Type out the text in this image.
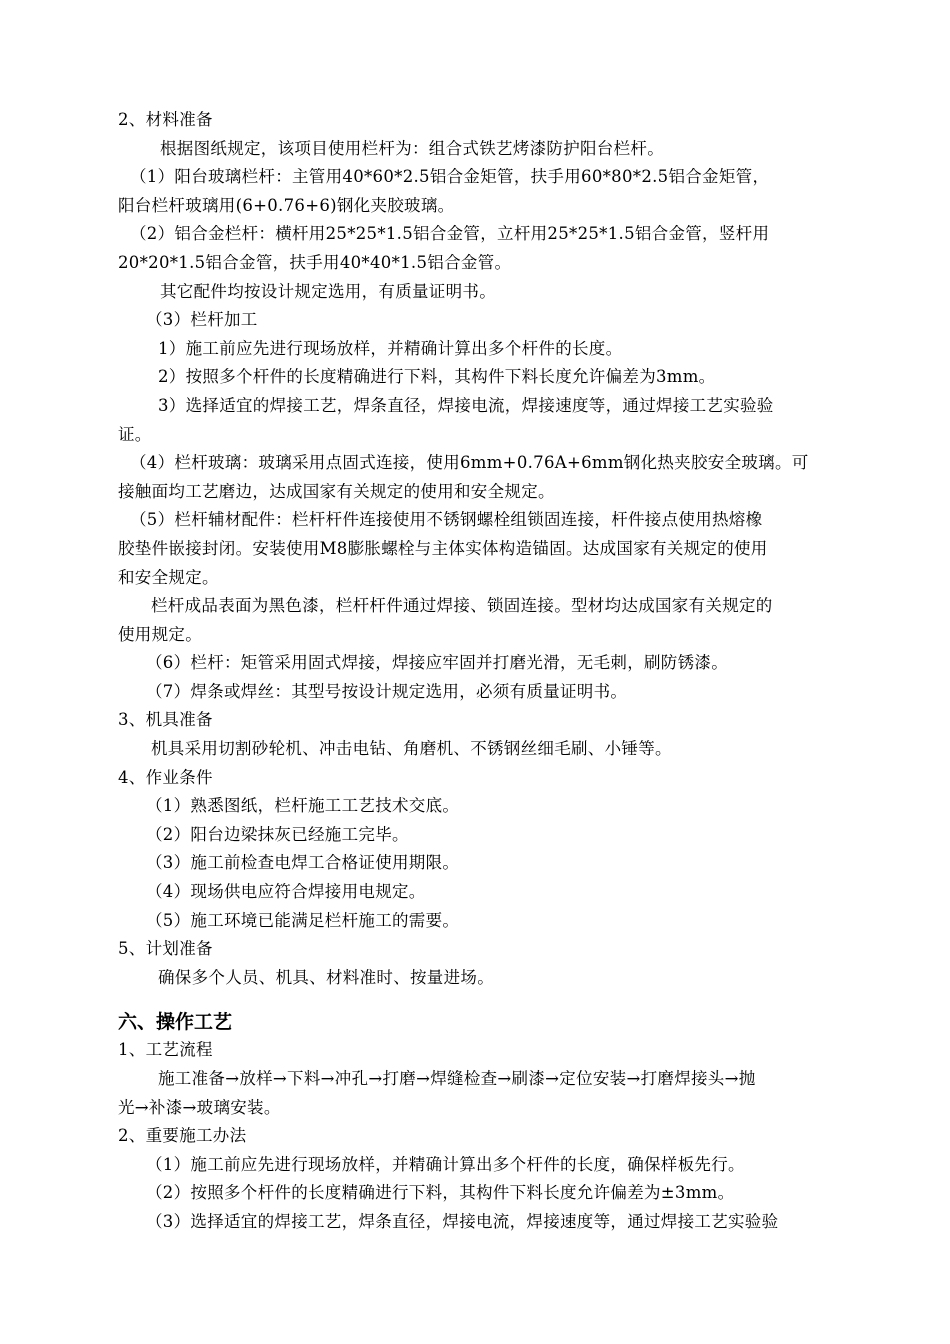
2、材料准备
根据图纸规定，该项目使用栏杆为：组合式铁艺烤漆防护阳台栏杆。
（1）阳台玻璃栏杆：主管用40*60*2.5铝合金矩管，扶手用60*80*2.5铝合金矩管，
阳台栏杆玻璃用(6+0.76+6)钢化夹胶玻璃。
（2）铝合金栏杆：横杆用25*25*1.5铝合金管，立杆用25*25*1.5铝合金管，竖杆用
20*20*1.5铝合金管，扶手用40*40*1.5铝合金管。
其它配件均按设计规定选用，有质量证明书。
（3）栏杆加工
1）施工前应先进行现场放样，并精确计算出多个杆件的长度。
2）按照多个杆件的长度精确进行下料，其构件下料长度允许偏差为3mm。
3）选择适宜的焊接工艺，焊条直径，焊接电流，焊接速度等，通过焊接工艺实验验
证。
（4）栏杆玻璃：玻璃采用点固式连接，使用6mm+0.76A+6mm钢化热夹胶安全玻璃。可
接触面均工艺磨边，达成国家有关规定的使用和安全规定。
（5）栏杆辅材配件：栏杆杆件连接使用不锈钢螺栓组锁固连接，杆件接点使用热熔橡
胶垫件嵌接封闭。安装使用M8膨胀螺栓与主体实体构造锚固。达成国家有关规定的使用
和安全规定。
栏杆成品表面为黑色漆，栏杆杆件通过焊接、锁固连接。型材均达成国家有关规定的
使用规定。
（6）栏杆：矩管采用固式焊接，焊接应牢固并打磨光滑，无毛刺，刷防锈漆。
（7）焊条或焊丝：其型号按设计规定选用，必须有质量证明书。
3、机具准备
机具采用切割砂轮机、冲击电钻、角磨机、不锈钢丝细毛刷、小锤等。
4、作业条件
（1）熟悉图纸，栏杆施工工艺技术交底。
（2）阳台边梁抹灰已经施工完毕。
（3）施工前检查电焊工合格证使用期限。
（4）现场供电应符合焊接用电规定。
（5）施工环境已能满足栏杆施工的需要。
5、计划准备
确保多个人员、机具、材料准时、按量进场。
六、操作工艺
1、工艺流程
施工准备→放样→下料→冲孔→打磨→焊缝检查→刷漆→定位安装→打磨焊接头→抛
光→补漆→玻璃安装。
2、重要施工办法
（1）施工前应先进行现场放样，并精确计算出多个杆件的长度，确保样板先行。
（2）按照多个杆件的长度精确进行下料，其构件下料长度允许偏差为±3mm。
（3）选择适宜的焊接工艺，焊条直径，焊接电流，焊接速度等，通过焊接工艺实验验
